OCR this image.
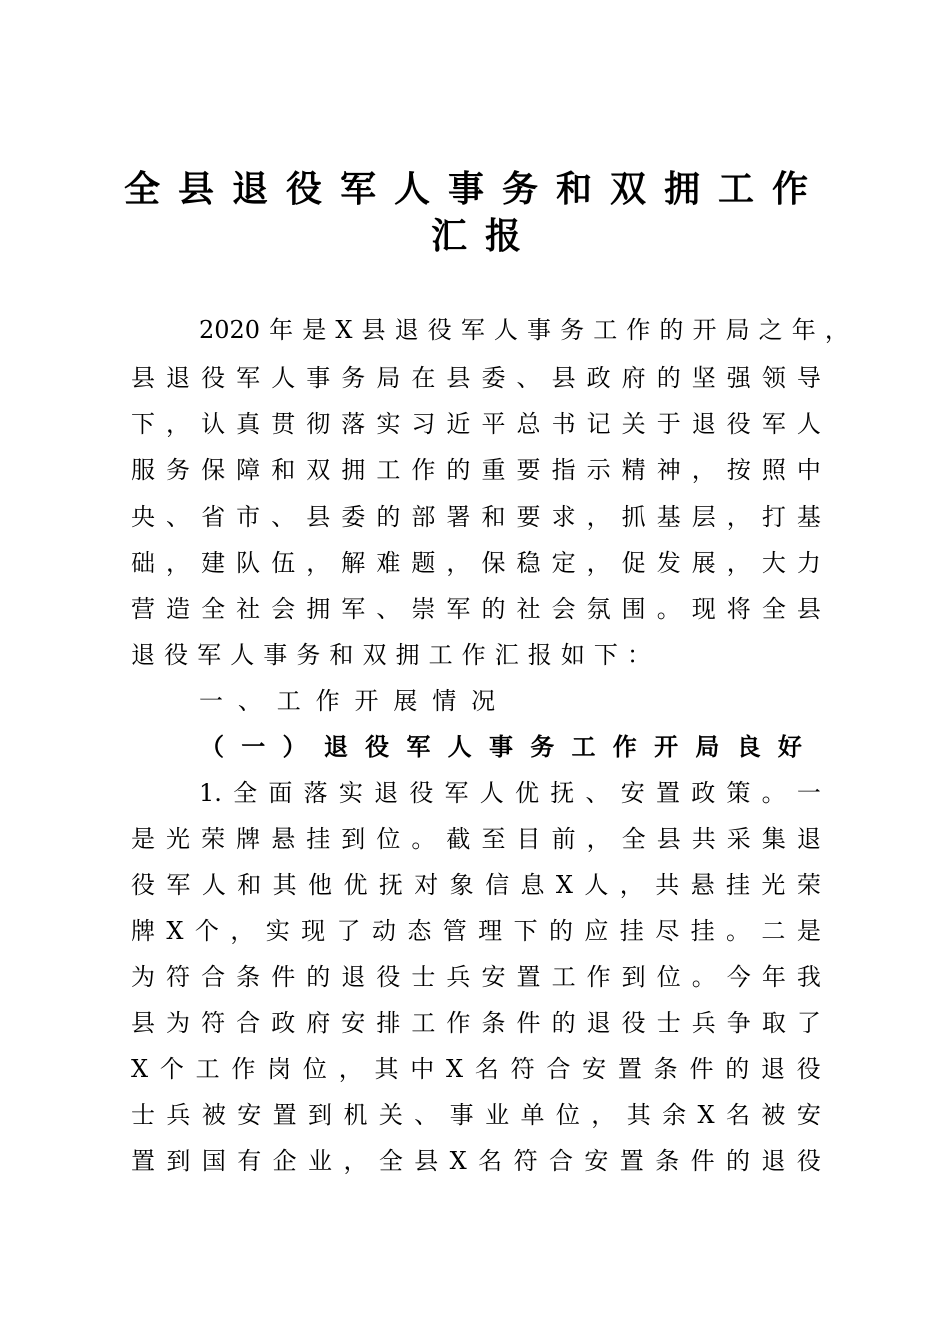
全县退役军人事务和双拥工作
汇报
2020 年 是 X 县 退 役 军 人 事 务 工 作 的 开 局 之 年 ，
县 退 役 军 人 事 务 局 在 县 委 、 县 政 府 的 坚 强 领 导
下 ， 认 真 贯 彻 落 实 习 近 平 总 书 记 关 于 退 役 军 人
服 务 保 障 和 双 拥 工 作 的 重 要 指 示 精 神 ， 按 照 中
央 、 省 市 、 县 委 的 部 署 和 要 求 ， 抓 基 层 ， 打 基
础 ， 建 队 伍 ， 解 难 题 ， 保 稳 定 ， 促 发 展 ， 大 力
营 造 全 社 会 拥 军 、 崇 军 的 社 会 氛 围 。 现 将 全 县
退 役 军 人 事 务 和 双 拥 工 作 汇 报 如 下 ：
一、工作开展情况
（一）退役军人事务工作开局良好
1. 全 面 落 实 退 役 军 人 优 抚 、 安 置 政 策 。 一
是 光 荣 牌 悬 挂 到 位 。 截 至 目 前 ， 全 县 共 采 集 退
役 军 人 和 其 他 优 抚 对 象 信 息 X 人 ， 共 悬 挂 光 荣
牌 X 个 ， 实 现 了 动 态 管 理 下 的 应 挂 尽 挂 。 二 是
为 符 合 条 件 的 退 役 士 兵 安 置 工 作 到 位 。 今 年 我
县 为 符 合 政 府 安 排 工 作 条 件 的 退 役 士 兵 争 取 了
X 个 工 作 岗 位 ， 其 中 X 名 符 合 安 置 条 件 的 退 役
士 兵 被 安 置 到 机 关 、 事 业 单 位 ， 其 余 X 名 被 安
置 到 国 有 企 业 ， 全 县 X 名 符 合 安 置 条 件 的 退 役
